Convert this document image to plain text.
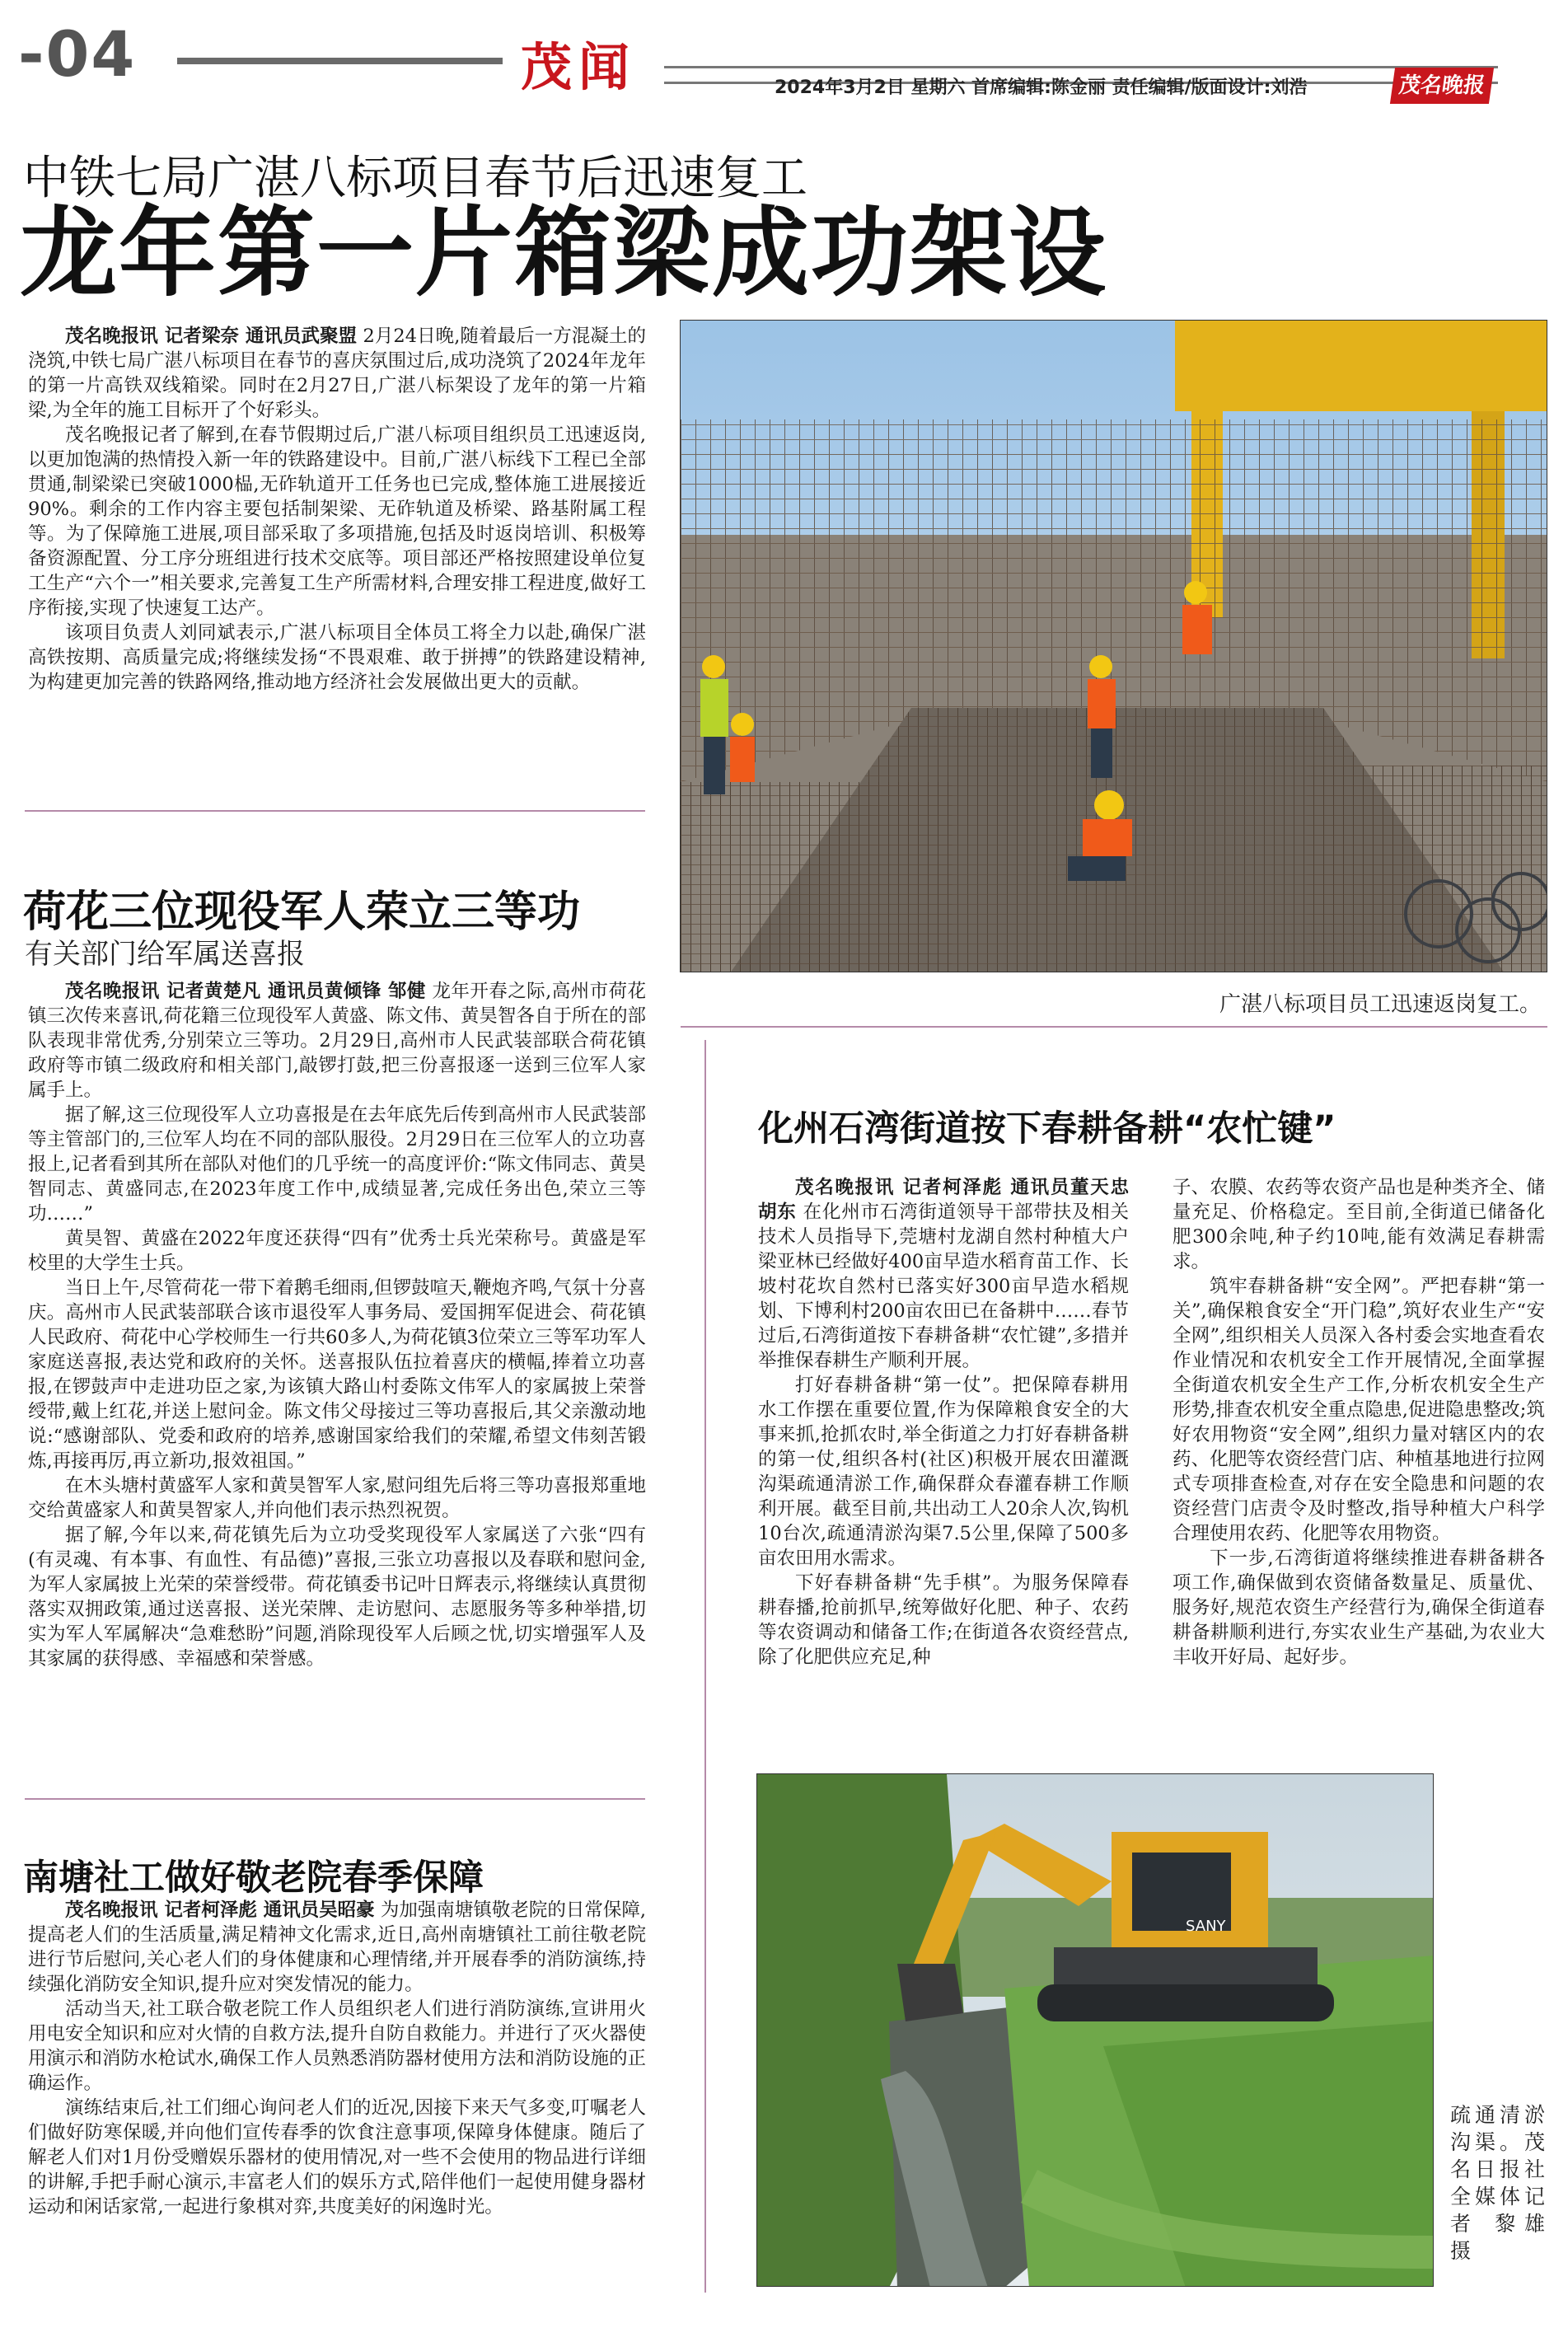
-04	茂闻	2024年3月2日 星期六 首席编辑:陈金丽 责任编辑/版面设计:刘浩	茂名晚报
中铁七局广湛八标项目春节后迅速复工
龙年第一片箱梁成功架设

茂名晚报讯 记者梁奈 通讯员武聚盟 2月24日晚,随着最后一方混凝土的浇筑,中铁七局广湛八标项目在春节的喜庆氛围过后,成功浇筑了2024年龙年的第一片高铁双线箱梁。同时在2月27日,广湛八标架设了龙年的第一片箱梁,为全年的施工目标开了个好彩头。

茂名晚报记者了解到,在春节假期过后,广湛八标项目组织员工迅速返岗,以更加饱满的热情投入新一年的铁路建设中。目前,广湛八标线下工程已全部贯通,制梁梁已突破1000榀,无砟轨道开工任务也已完成,整体施工进展接近90%。剩余的工作内容主要包括制架梁、无砟轨道及桥梁、路基附属工程等。为了保障施工进展,项目部采取了多项措施,包括及时返岗培训、积极筹备资源配置、分工序分班组进行技术交底等。项目部还严格按照建设单位复工生产“六个一”相关要求,完善复工生产所需材料,合理安排工程进度,做好工序衔接,实现了快速复工达产。

该项目负责人刘同斌表示,广湛八标项目全体员工将全力以赴,确保广湛高铁按期、高质量完成;将继续发扬“不畏艰难、敢于拼搏”的铁路建设精神,为构建更加完善的铁路网络,推动地方经济社会发展做出更大的贡献。

广湛八标项目员工迅速返岗复工。
荷花三位现役军人荣立三等功
有关部门给军属送喜报

茂名晚报讯 记者黄楚凡 通讯员黄倾锋 邹健 龙年开春之际,高州市荷花镇三次传来喜讯,荷花籍三位现役军人黄盛、陈文伟、黄昊智各自于所在的部队表现非常优秀,分别荣立三等功。2月29日,高州市人民武装部联合荷花镇政府等市镇二级政府和相关部门,敲锣打鼓,把三份喜报逐一送到三位军人家属手上。

据了解,这三位现役军人立功喜报是在去年底先后传到高州市人民武装部等主管部门的,三位军人均在不同的部队服役。2月29日在三位军人的立功喜报上,记者看到其所在部队对他们的几乎统一的高度评价:“陈文伟同志、黄昊智同志、黄盛同志,在2023年度工作中,成绩显著,完成任务出色,荣立三等功……”

黄昊智、黄盛在2022年度还获得“四有”优秀士兵光荣称号。黄盛是军校里的大学生士兵。

当日上午,尽管荷花一带下着鹅毛细雨,但锣鼓喧天,鞭炮齐鸣,气氛十分喜庆。高州市人民武装部联合该市退役军人事务局、爱国拥军促进会、荷花镇人民政府、荷花中心学校师生一行共60多人,为荷花镇3位荣立三等军功军人家庭送喜报,表达党和政府的关怀。送喜报队伍拉着喜庆的横幅,捧着立功喜报,在锣鼓声中走进功臣之家,为该镇大路山村委陈文伟军人的家属披上荣誉绶带,戴上红花,并送上慰问金。陈文伟父母接过三等功喜报后,其父亲激动地说:“感谢部队、党委和政府的培养,感谢国家给我们的荣耀,希望文伟刻苦锻炼,再接再厉,再立新功,报效祖国。”

在木头塘村黄盛军人家和黄昊智军人家,慰问组先后将三等功喜报郑重地交给黄盛家人和黄昊智家人,并向他们表示热烈祝贺。

据了解,今年以来,荷花镇先后为立功受奖现役军人家属送了六张“四有(有灵魂、有本事、有血性、有品德)”喜报,三张立功喜报以及春联和慰问金,为军人家属披上光荣的荣誉绶带。荷花镇委书记叶日辉表示,将继续认真贯彻落实双拥政策,通过送喜报、送光荣牌、走访慰问、志愿服务等多种举措,切实为军人军属解决“急难愁盼”问题,消除现役军人后顾之忧,切实增强军人及其家属的获得感、幸福感和荣誉感。

南塘社工做好敬老院春季保障

茂名晚报讯 记者柯泽彪 通讯员吴昭豪 为加强南塘镇敬老院的日常保障,提高老人们的生活质量,满足精神文化需求,近日,高州南塘镇社工前往敬老院进行节后慰问,关心老人们的身体健康和心理情绪,并开展春季的消防演练,持续强化消防安全知识,提升应对突发情况的能力。

活动当天,社工联合敬老院工作人员组织老人们进行消防演练,宣讲用火用电安全知识和应对火情的自救方法,提升自防自救能力。并进行了灭火器使用演示和消防水枪试水,确保工作人员熟悉消防器材使用方法和消防设施的正确运作。

演练结束后,社工们细心询问老人们的近况,因接下来天气多变,叮嘱老人们做好防寒保暖,并向他们宣传春季的饮食注意事项,保障身体健康。随后了解老人们对1月份受赠娱乐器材的使用情况,对一些不会使用的物品进行详细的讲解,手把手耐心演示,丰富老人们的娱乐方式,陪伴他们一起使用健身器材运动和闲话家常,一起进行象棋对弈,共度美好的闲逸时光。

化州石湾街道按下春耕备耕“农忙键”

茂名晚报讯 记者柯泽彪 通讯员董天忠 胡东 在化州市石湾街道领导干部带扶及相关技术人员指导下,莞塘村龙湖自然村种植大户梁亚林已经做好400亩早造水稻育苗工作、长坡村花坎自然村已落实好300亩早造水稻规划、下博利村200亩农田已在备耕中……春节过后,石湾街道按下春耕备耕“农忙键”,多措并举推保春耕生产顺利开展。

打好春耕备耕“第一仗”。把保障春耕用水工作摆在重要位置,作为保障粮食安全的大事来抓,抢抓农时,举全街道之力打好春耕备耕的第一仗,组织各村(社区)积极开展农田灌溉沟渠疏通清淤工作,确保群众春灌春耕工作顺利开展。截至目前,共出动工人20余人次,钩机10台次,疏通清淤沟渠7.5公里,保障了500多亩农田用水需求。

下好春耕备耕“先手棋”。为服务保障春耕春播,抢前抓早,统筹做好化肥、种子、农药等农资调动和储备工作;在街道各农资经营点,除了化肥供应充足,种

子、农膜、农药等农资产品也是种类齐全、储量充足、价格稳定。至目前,全街道已储备化肥300余吨,种子约10吨,能有效满足春耕需求。

筑牢春耕备耕“安全网”。严把春耕“第一关”,确保粮食安全“开门稳”,筑好农业生产“安全网”,组织相关人员深入各村委会实地查看农作业情况和农机安全工作开展情况,全面掌握全街道农机安全生产工作,分析农机安全生产形势,排查农机安全重点隐患,促进隐患整改;筑好农用物资“安全网”,组织力量对辖区内的农药、化肥等农资经营门店、种植基地进行拉网式专项排查检查,对存在安全隐患和问题的农资经营门店责令及时整改,指导种植大户科学合理使用农药、化肥等农用物资。

下一步,石湾街道将继续推进春耕备耕各项工作,确保做到农资储备数量足、质量优、服务好,规范农资生产经营行为,确保全街道春耕备耕顺利进行,夯实农业生产基础,为农业大丰收开好局、起好步。

SANY
疏通清淤沟渠。茂名日报社全媒体记者 黎雄 摄
